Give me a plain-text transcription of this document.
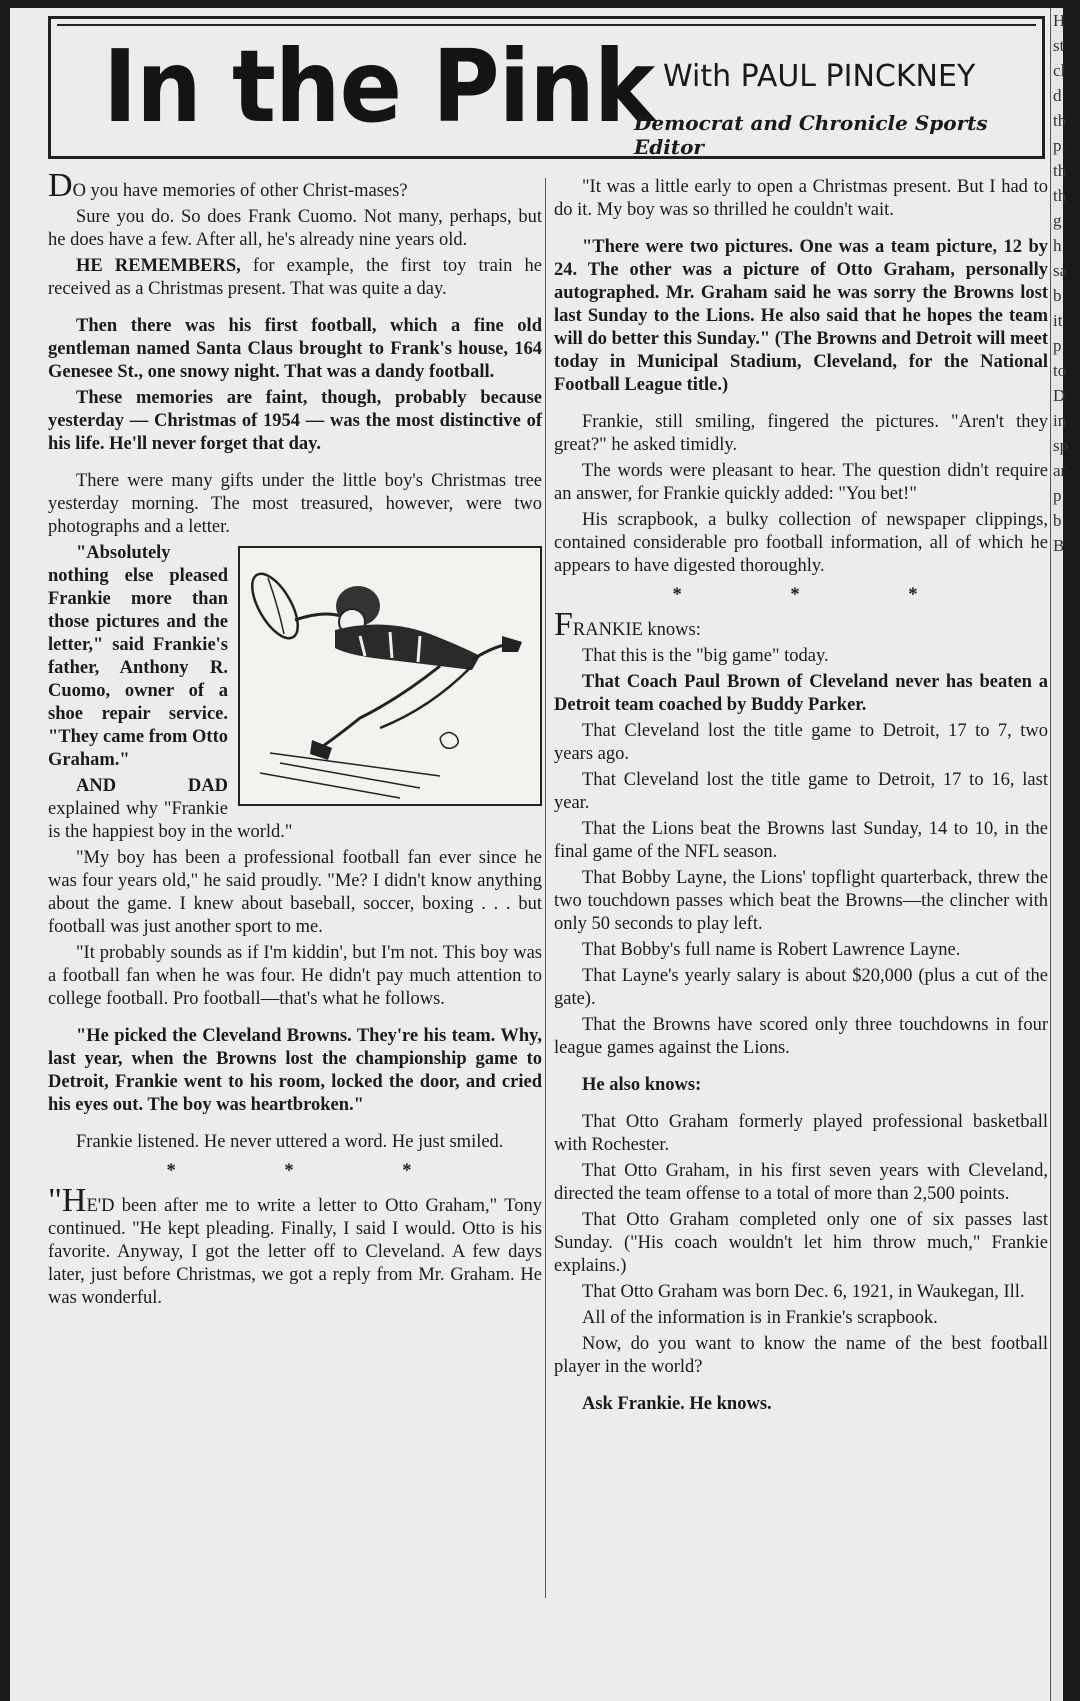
In the Pink With PAUL PINCKNEY
Democrat and Chronicle Sports Editor

DO you have memories of other Christ-mases?

Sure you do. So does Frank Cuomo. Not many, perhaps, but he does have a few. After all, he's already nine years old.

HE REMEMBERS, for example, the first toy train he received as a Christmas present. That was quite a day.

Then there was his first football, which a fine old gentleman named Santa Claus brought to Frank's house, 164 Genesee St., one snowy night. That was a dandy football.

These memories are faint, though, probably because yesterday — Christmas of 1954 — was the most distinctive of his life. He'll never forget that day.

There were many gifts under the little boy's Christmas tree yesterday morning. The most treasured, however, were two photographs and a letter.

"Absolutely nothing else pleased Frankie more than those pictures and the letter," said Frankie's father, Anthony R. Cuomo, owner of a shoe repair service. "They came from Otto Graham."

AND DAD explained why "Frankie is the happiest boy in the world."

"My boy has been a professional football fan ever since he was four years old," he said proudly. "Me? I didn't know anything about the game. I knew about baseball, soccer, boxing . . . but football was just another sport to me.

"It probably sounds as if I'm kiddin', but I'm not. This boy was a football fan when he was four. He didn't pay much attention to college football. Pro football—that's what he follows.

"He picked the Cleveland Browns. They're his team. Why, last year, when the Browns lost the championship game to Detroit, Frankie went to his room, locked the door, and cried his eyes out. The boy was heartbroken."

Frankie listened. He never uttered a word. He just smiled.

* * *

"HE'D been after me to write a letter to Otto Graham," Tony continued. "He kept pleading. Finally, I said I would. Otto is his favorite. Anyway, I got the letter off to Cleveland. A few days later, just before Christmas, we got a reply from Mr. Graham. He was wonderful.

"It was a little early to open a Christmas present. But I had to do it. My boy was so thrilled he couldn't wait.

"There were two pictures. One was a team picture, 12 by 24. The other was a picture of Otto Graham, personally autographed. Mr. Graham said he was sorry the Browns lost last Sunday to the Lions. He also said that he hopes the team will do better this Sunday." (The Browns and Detroit will meet today in Municipal Stadium, Cleveland, for the National Football League title.)

Frankie, still smiling, fingered the pictures. "Aren't they great?" he asked timidly.

The words were pleasant to hear. The question didn't require an answer, for Frankie quickly added: "You bet!"

His scrapbook, a bulky collection of newspaper clippings, contained considerable pro football information, all of which he appears to have digested thoroughly.

* * *

FRANKIE knows:

That this is the "big game" today.

That Coach Paul Brown of Cleveland never has beaten a Detroit team coached by Buddy Parker.

That Cleveland lost the title game to Detroit, 17 to 7, two years ago.

That Cleveland lost the title game to Detroit, 17 to 16, last year.

That the Lions beat the Browns last Sunday, 14 to 10, in the final game of the NFL season.

That Bobby Layne, the Lions' topflight quarterback, threw the two touchdown passes which beat the Browns—the clincher with only 50 seconds to play left.

That Bobby's full name is Robert Lawrence Layne.

That Layne's yearly salary is about $20,000 (plus a cut of the gate).

That the Browns have scored only three touchdowns in four league games against the Lions.

He also knows:

That Otto Graham formerly played professional basketball with Rochester.

That Otto Graham, in his first seven years with Cleveland, directed the team offense to a total of more than 2,500 points.

That Otto Graham completed only one of six passes last Sunday. ("His coach wouldn't let him throw much," Frankie explains.)

That Otto Graham was born Dec. 6, 1921, in Waukegan, Ill.

All of the information is in Frankie's scrapbook.

Now, do you want to know the name of the best football player in the world?

Ask Frankie. He knows.

H
st
cl
d
th
p.
th
th
g
h
sa
b
it
p
to
D
in
sp
ar
p
b
B
